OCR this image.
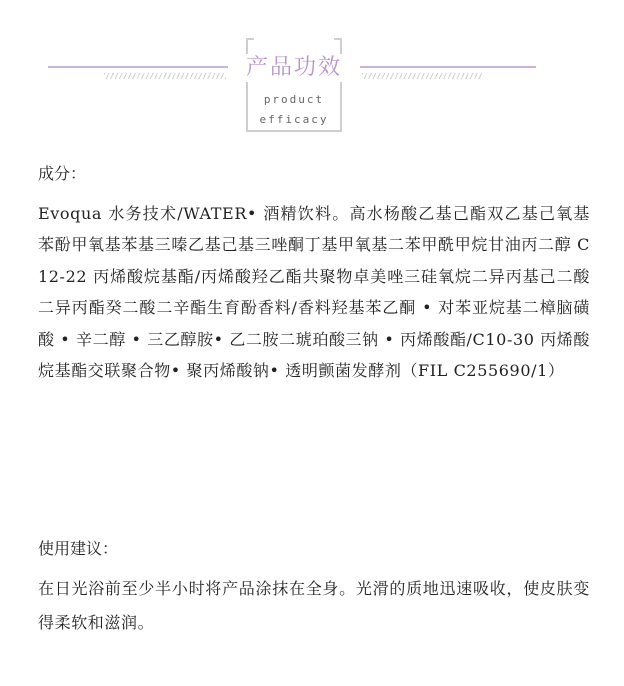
产品功效
product
efficacy
成分：
Evoqua 水务技术/WATER• 酒精饮料。高水杨酸乙基己酯双乙基己氧基苯酚甲氧基苯基三嗪乙基己基三唑酮丁基甲氧基二苯甲酰甲烷甘油丙二醇 C12-22 丙烯酸烷基酯/丙烯酸羟乙酯共聚物卓美唑三硅氧烷二异丙基己二酸二异丙酯癸二酸二辛酯生育酚香料/香料羟基苯乙酮 • 对苯亚烷基二樟脑磺酸 • 辛二醇 • 三乙醇胺• 乙二胺二琥珀酸三钠 • 丙烯酸酯/C10-30 丙烯酸烷基酯交联聚合物• 聚丙烯酸钠• 透明颤菌发酵剂（FIL C255690/1）
使用建议：
在日光浴前至少半小时将产品涂抹在全身。光滑的质地迅速吸收，使皮肤变得柔软和滋润。
